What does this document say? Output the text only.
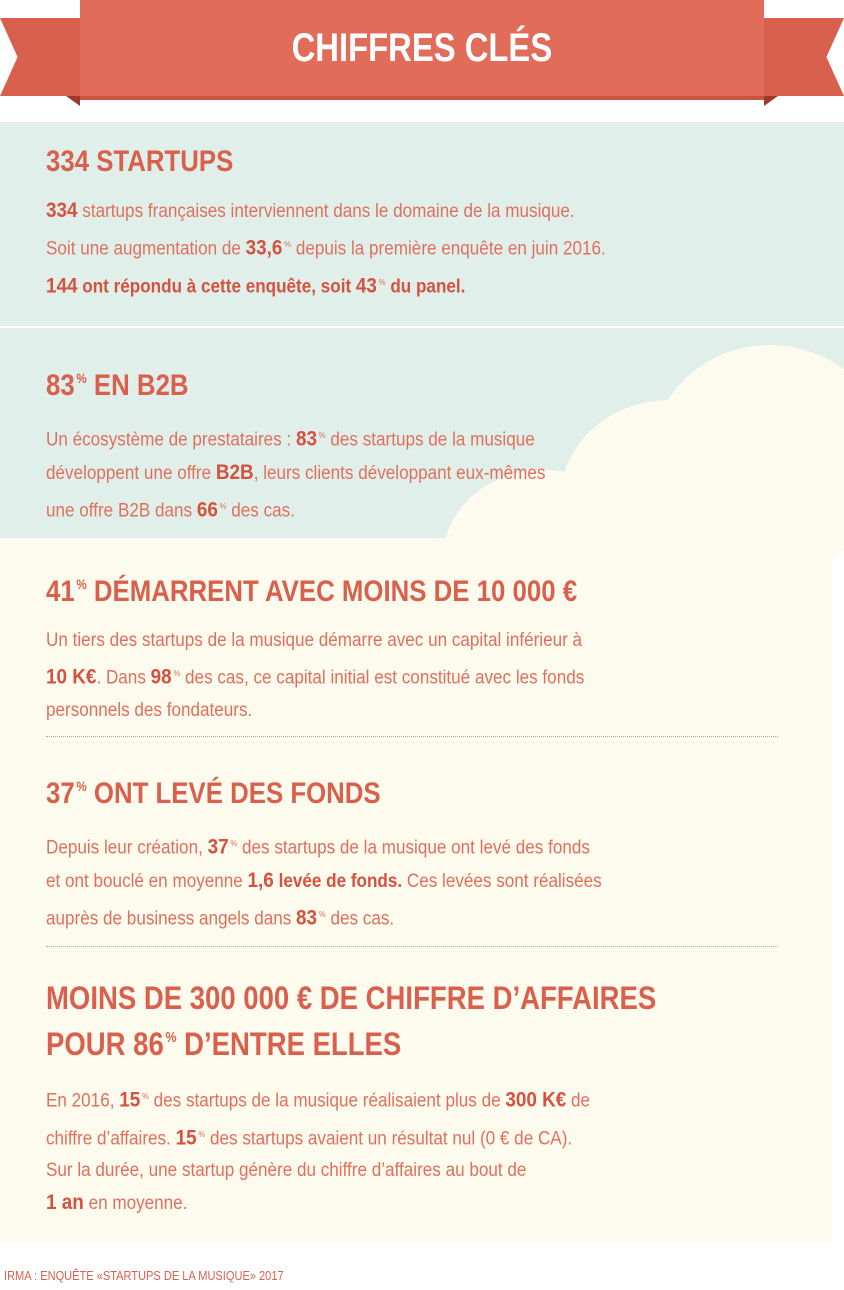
CHIFFRES CLÉS
334 STARTUPS
334 startups françaises interviennent dans le domaine de la musique.
Soit une augmentation de 33,6 % depuis la première enquête en juin 2016.
144 ont répondu à cette enquête, soit 43 % du panel.
83 % EN B2B
Un écosystème de prestataires : 83 % des startups de la musique
développent une offre B2B, leurs clients développant eux-mêmes
une offre B2B dans 66 % des cas.
41 % DÉMARRENT AVEC MOINS DE 10 000 €
Un tiers des startups de la musique démarre avec un capital inférieur à
10 K€. Dans 98 % des cas, ce capital initial est constitué avec les fonds
personnels des fondateurs.
37 % ONT LEVÉ DES FONDS
Depuis leur création, 37 % des startups de la musique ont levé des fonds
et ont bouclé en moyenne 1,6 levée de fonds. Ces levées sont réalisées
auprès de business angels dans 83 % des cas.
MOINS DE 300 000 € DE CHIFFRE D’AFFAIRES
POUR 86 % D’ENTRE ELLES
En 2016, 15 % des startups de la musique réalisaient plus de 300 K€ de
chiffre d’affaires. 15 % des startups avaient un résultat nul (0 € de CA).
Sur la durée, une startup génère du chiffre d’affaires au bout de
1 an en moyenne.
IRMA : ENQUÊTE «STARTUPS DE LA MUSIQUE» 2017
